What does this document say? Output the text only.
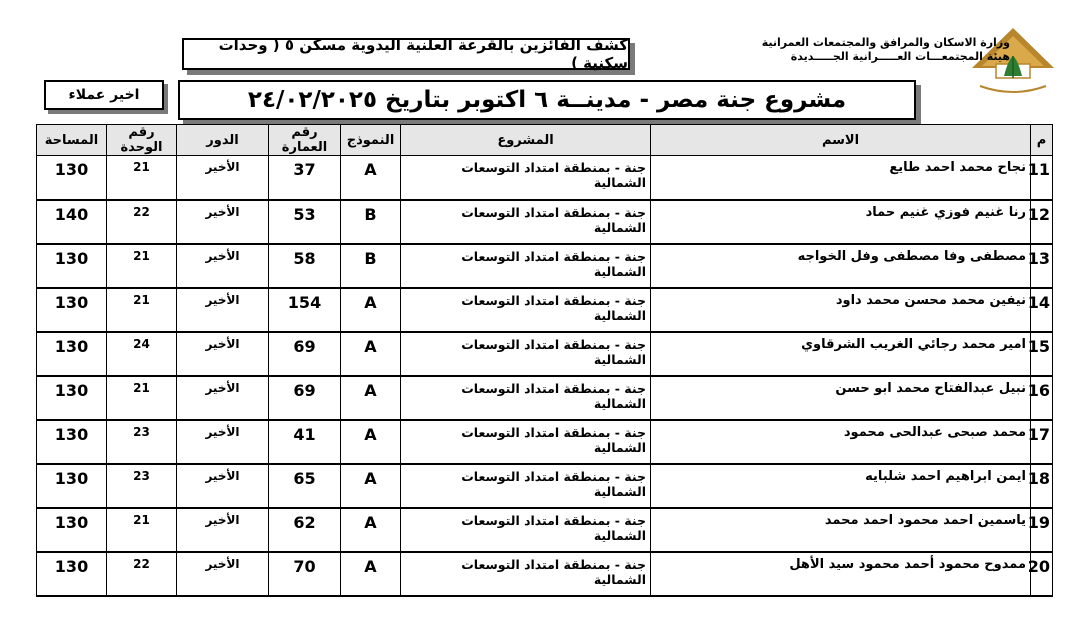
وزارة الاسكان والمرافق والمجتمعات العمرانية
هيئة المجتمعـــات العـــــرانية الجـــــديدة
كشف الفائزين بالقرعة العلنية اليدوية مسكن ٥ ( وحدات سكنية )
مشروع جنة مصر - مدينــة ٦ اكتوبر بتاريخ ٢٤/٠٢/٢٠٢٥
اخير عملاء
م	الاسم	المشروع	النموذج	رقم العمارة	الدور	رقم الوحدة	المساحة
11	نجاح محمد احمد طايع	جنة - بمنطقة امتداد التوسعات الشمالية	A	37	الأخير	21	130
12	رنا غنيم فوزي غنيم حماد	جنة - بمنطقة امتداد التوسعات الشمالية	B	53	الأخير	22	140
13	مصطفى وفا مصطفى وفل الخواجه	جنة - بمنطقة امتداد التوسعات الشمالية	B	58	الأخير	21	130
14	نيفين محمد محسن محمد داود	جنة - بمنطقة امتداد التوسعات الشمالية	A	154	الأخير	21	130
15	امير محمد رجائي الغريب الشرقاوي	جنة - بمنطقة امتداد التوسعات الشمالية	A	69	الأخير	24	130
16	نبيل عبدالفتاح محمد ابو حسن	جنة - بمنطقة امتداد التوسعات الشمالية	A	69	الأخير	21	130
17	محمد صبحى عبدالحى محمود	جنة - بمنطقة امتداد التوسعات الشمالية	A	41	الأخير	23	130
18	ايمن ابراهيم احمد شلبايه	جنة - بمنطقة امتداد التوسعات الشمالية	A	65	الأخير	23	130
19	ياسمين احمد محمود احمد محمد	جنة - بمنطقة امتداد التوسعات الشمالية	A	62	الأخير	21	130
20	ممدوح محمود أحمد محمود سيد الأهل	جنة - بمنطقة امتداد التوسعات الشمالية	A	70	الأخير	22	130
